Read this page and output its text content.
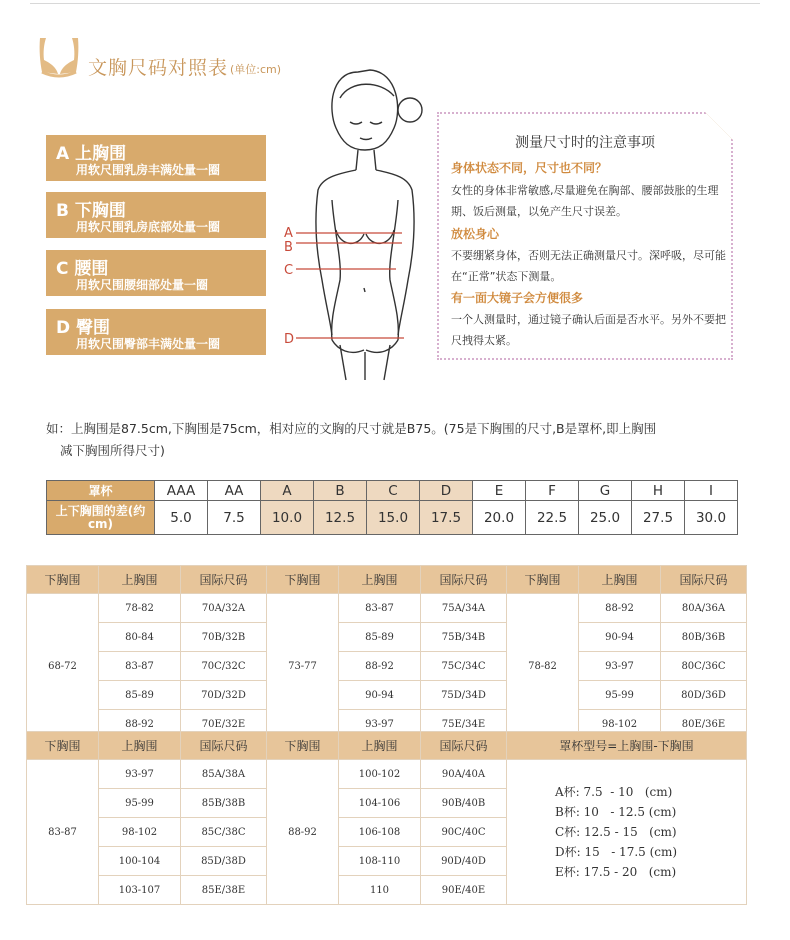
文胸尺码对照表 (单位:cm)
A 上胸围
用软尺围乳房丰满处量一圈
B 下胸围
用软尺围乳房底部处量一圈
C 腰围
用软尺围腰细部处量一圈
D 臀围
用软尺围臀部丰满处量一圈
A
B
C
D
测量尺寸时的注意事项
身体状态不同，尺寸也不同？
女性的身体非常敏感,尽量避免在胸部、腰部鼓胀的生理期、饭后测量，以免产生尺寸误差。
放松身心
不要绷紧身体，否则无法正确测量尺寸。深呼吸，尽可能在“正常”状态下测量。
有一面大镜子会方便很多
一个人测量时，通过镜子确认后面是否水平。另外不要把尺拽得太紧。
如：上胸围是87.5cm,下胸围是75cm，相对应的文胸的尺寸就是B75。(75是下胸围的尺寸,B是罩杯,即上胸围
减下胸围所得尺寸)
罩杯	AAA	AA	A	B	C	D	E	F	G	H	I
上下胸围的差(约cm)	5.0	7.5	10.0	12.5	15.0	17.5	20.0	22.5	25.0	27.5	30.0
下胸围	上胸围	国际尺码	下胸围	上胸围	国际尺码	下胸围	上胸围	国际尺码
68-72	78-82	70A/32A	73-77	83-87	75A/34A	78-82	88-92	80A/36A
	80-84	70B/32B		85-89	75B/34B		90-94	80B/36B
	83-87	70C/32C		88-92	75C/34C		93-97	80C/36C
	85-89	70D/32D		90-94	75D/34D		95-99	80D/36D
	88-92	70E/32E		93-97	75E/34E		98-102	80E/36E
下胸围	上胸围	国际尺码	下胸围	上胸围	国际尺码	罩杯型号=上胸围-下胸围
83-87	93-97	85A/38A	88-92	100-102	90A/40A	A杯: 7.5  - 10   (cm)
B杯: 10   - 12.5 (cm)
C杯: 12.5 - 15   (cm)
D杯: 15   - 17.5 (cm)
E杯: 17.5 - 20   (cm)

	95-99	85B/38B		104-106	90B/40B	
	98-102	85C/38C		106-108	90C/40C	
	100-104	85D/38D		108-110	90D/40D	
	103-107	85E/38E		110	90E/40E	
